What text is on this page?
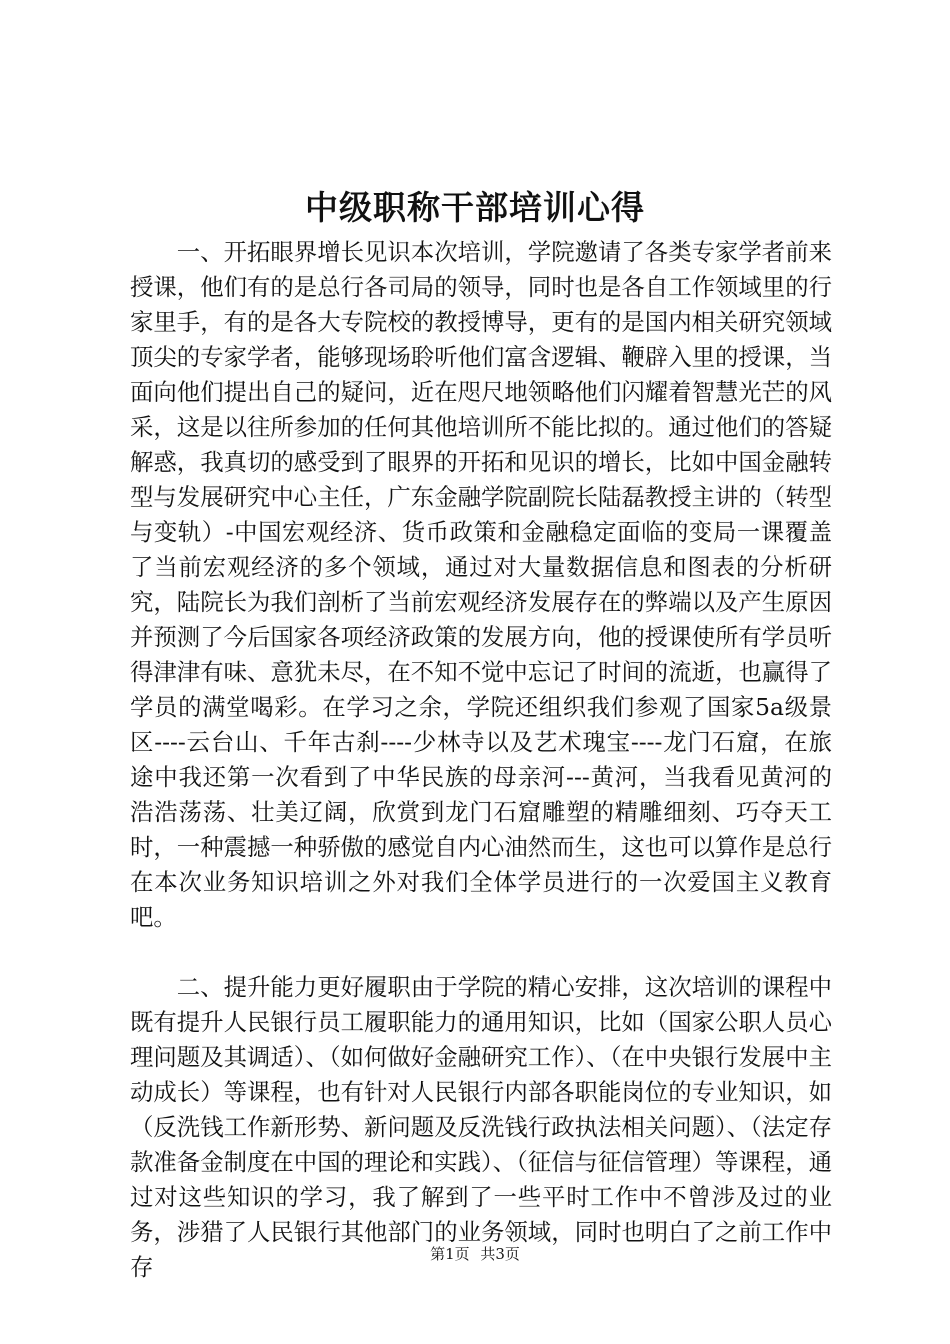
中级职称干部培训心得

一、开拓眼界增长见识本次培训，学院邀请了各类专家学者前来授课，他们有的是总行各司局的领导，同时也是各自工作领域里的行家里手，有的是各大专院校的教授博导，更有的是国内相关研究领域顶尖的专家学者，能够现场聆听他们富含逻辑、鞭辟入里的授课，当面向他们提出自己的疑问，近在咫尺地领略他们闪耀着智慧光芒的风采，这是以往所参加的任何其他培训所不能比拟的。通过他们的答疑解惑，我真切的感受到了眼界的开拓和见识的增长，比如中国金融转型与发展研究中心主任，广东金融学院副院长陆磊教授主讲的（转型与变轨）-中国宏观经济、货币政策和金融稳定面临的变局一课覆盖了当前宏观经济的多个领域，通过对大量数据信息和图表的分析研究，陆院长为我们剖析了当前宏观经济发展存在的弊端以及产生原因并预测了今后国家各项经济政策的发展方向，他的授课使所有学员听得津津有味、意犹未尽，在不知不觉中忘记了时间的流逝，也赢得了学员的满堂喝彩。在学习之余，学院还组织我们参观了国家5a级景区----云台山、千年古刹----少林寺以及艺术瑰宝----龙门石窟，在旅途中我还第一次看到了中华民族的母亲河---黄河，当我看见黄河的浩浩荡荡、壮美辽阔，欣赏到龙门石窟雕塑的精雕细刻、巧夺天工时，一种震撼一种骄傲的感觉自内心油然而生，这也可以算作是总行在本次业务知识培训之外对我们全体学员进行的一次爱国主义教育吧。

二、提升能力更好履职由于学院的精心安排，这次培训的课程中既有提升人民银行员工履职能力的通用知识，比如（国家公职人员心理问题及其调适）、（如何做好金融研究工作）、（在中央银行发展中主动成长）等课程，也有针对人民银行内部各职能岗位的专业知识，如（反洗钱工作新形势、新问题及反洗钱行政执法相关问题）、（法定存款准备金制度在中国的理论和实践）、（征信与征信管理）等课程，通过对这些知识的学习，我了解到了一些平时工作中不曾涉及过的业务，涉猎了人民银行其他部门的业务领域，同时也明白了之前工作中存	第1页 共3页
